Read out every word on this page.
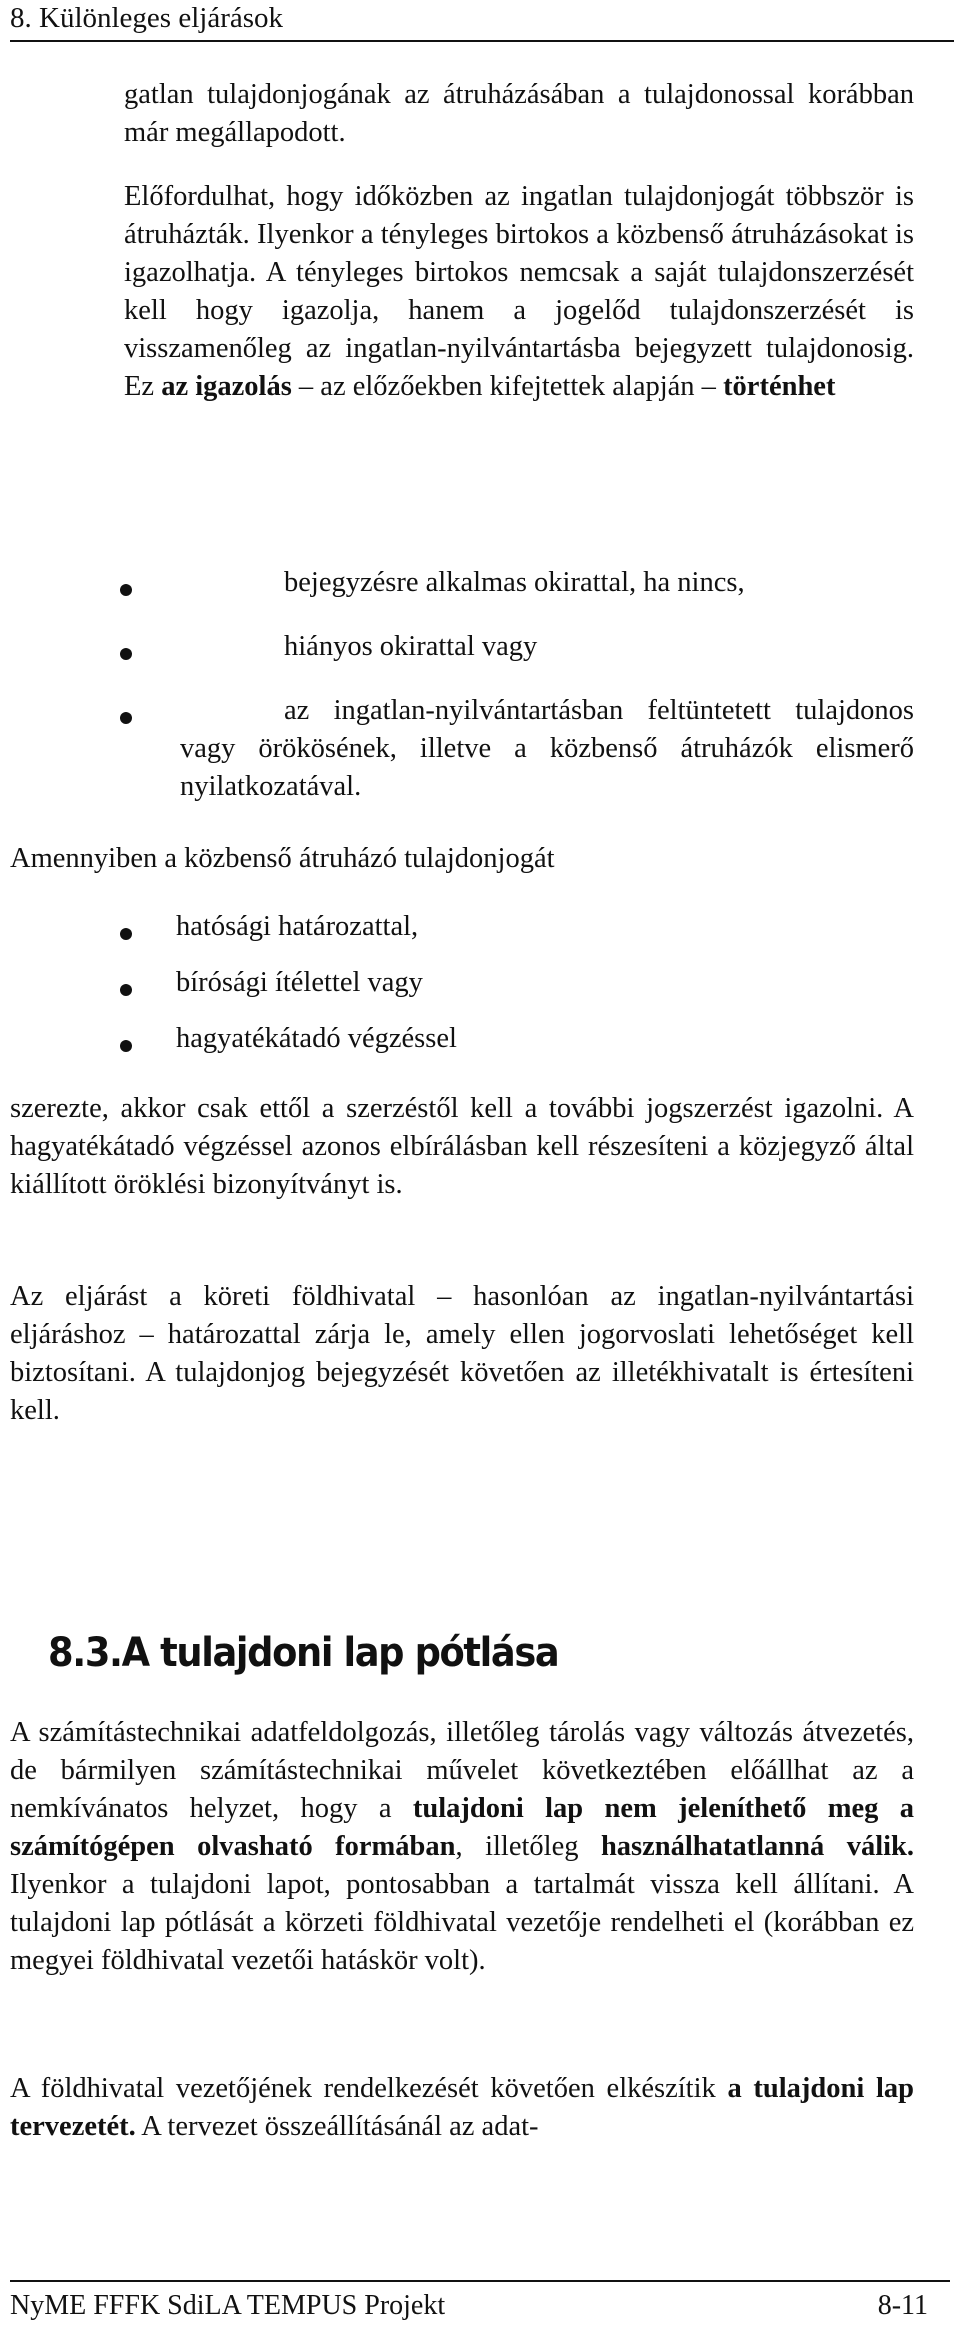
8. Különleges eljárások

gatlan tulajdonjogának az átruházásában a tulajdonossal korábban már megállapodott.

Előfordulhat, hogy időközben az ingatlan tulajdonjogát többször is átruházták. Ilyenkor a tényleges birtokos a közbenső átruházásokat is igazolhatja. A tényleges birtokos nemcsak a saját tulajdonszerzését kell hogy igazolja, hanem a jogelőd tulajdonszerzését is visszamenőleg az ingatlan-nyilvántartásba bejegyzett tulajdonosig. Ez az igazolás – az előzőekben kifejtettek alapján – történhet

bejegyzésre alkalmas okirattal, ha nincs,

hiányos okirattal vagy

az ingatlan-nyilvántartásban feltüntetett tulajdonos vagy örökösének, illetve a közbenső átruházók elismerő nyilatkozatával.

Amennyiben a közbenső átruházó tulajdonjogát

hatósági határozattal,

bírósági ítélettel vagy

hagyatékátadó végzéssel

szerezte, akkor csak ettől a szerzéstől kell a további jogszerzést igazolni. A hagyatékátadó végzéssel azonos elbírálásban kell részesíteni a közjegyző által kiállított öröklési bizonyítványt is.

Az eljárást a köreti földhivatal – hasonlóan az ingatlan-nyilvántartási eljáráshoz – határozattal zárja le, amely ellen jogorvoslati lehetőséget kell biztosítani. A tulajdonjog bejegyzését követően az illetékhivatalt is értesíteni kell.

8.3.A tulajdoni lap pótlása

A számítástechnikai adatfeldolgozás, illetőleg tárolás vagy változás átvezetés, de bármilyen számítástechnikai művelet következtében előállhat az a nemkívánatos helyzet, hogy a tulajdoni lap nem jeleníthető meg a számítógépen olvasható formában, illetőleg használhatatlanná válik. Ilyenkor a tulajdoni lapot, pontosabban a tartalmát vissza kell állítani. A tulajdoni lap pótlását a körzeti földhivatal vezetője rendelheti el (korábban ez megyei földhivatal vezetői hatáskör volt).

A földhivatal vezetőjének rendelkezését követően elkészítik a tulajdoni lap tervezetét. A tervezet összeállításánál az adat-

NyME FFFK SdiLA TEMPUS Projekt	8-11
